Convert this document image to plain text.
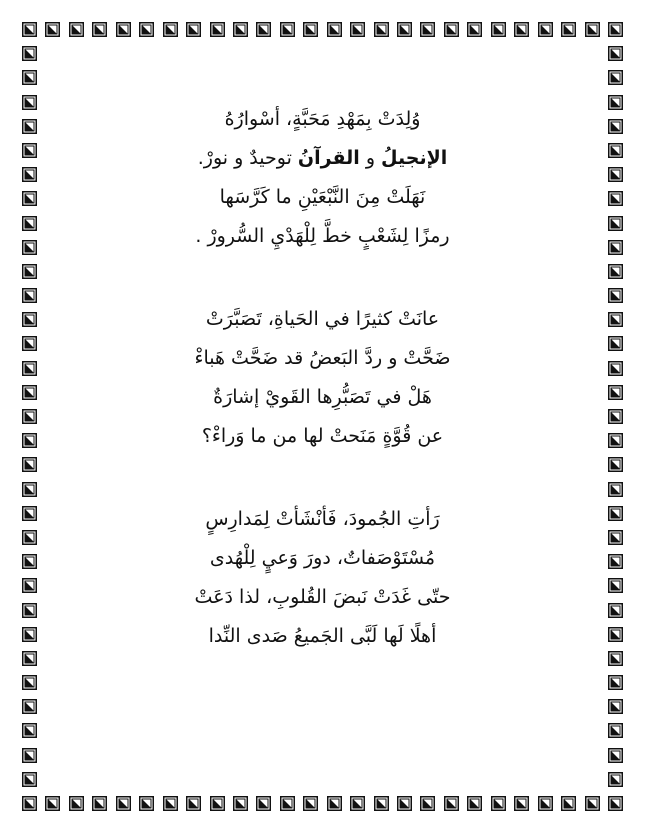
وُلِدَتْ بِمَهْدِ مَحَبَّةٍ، أسْوارُهُ
الإنجيلُ و القرآنُ توحيدٌ و نورْ.
نَهَلَتْ مِنَ النَّبْعَيْنِ ما كَرَّسَها
رمزًا لِشَعْبٍ خطَّ لِلْهَدْيِ السُّرورْ .
عانَتْ كثيرًا في الحَياةِ، تَصَبَّرَتْ
ضَحَّتْ و ردَّ البَعضُ قد ضَحَّتْ هَباءْ
هَلْ في تَصَبُّرِها القَويْ إشارَةٌ
عن قُوَّةٍ مَنَحتْ لها من ما وَراءْ؟
رَأتِ الجُمودَ، فَأنْشَأتْ لِمَدارِسٍ
مُسْتَوْصَفاتٌ، دورَ وَعيٍ لِلْهُدى
حتّى غَدَتْ نَبضَ القُلوبِ، لذا دَعَتْ
أهلًا لَها لَبَّى الجَميعُ صَدى النِّدا
